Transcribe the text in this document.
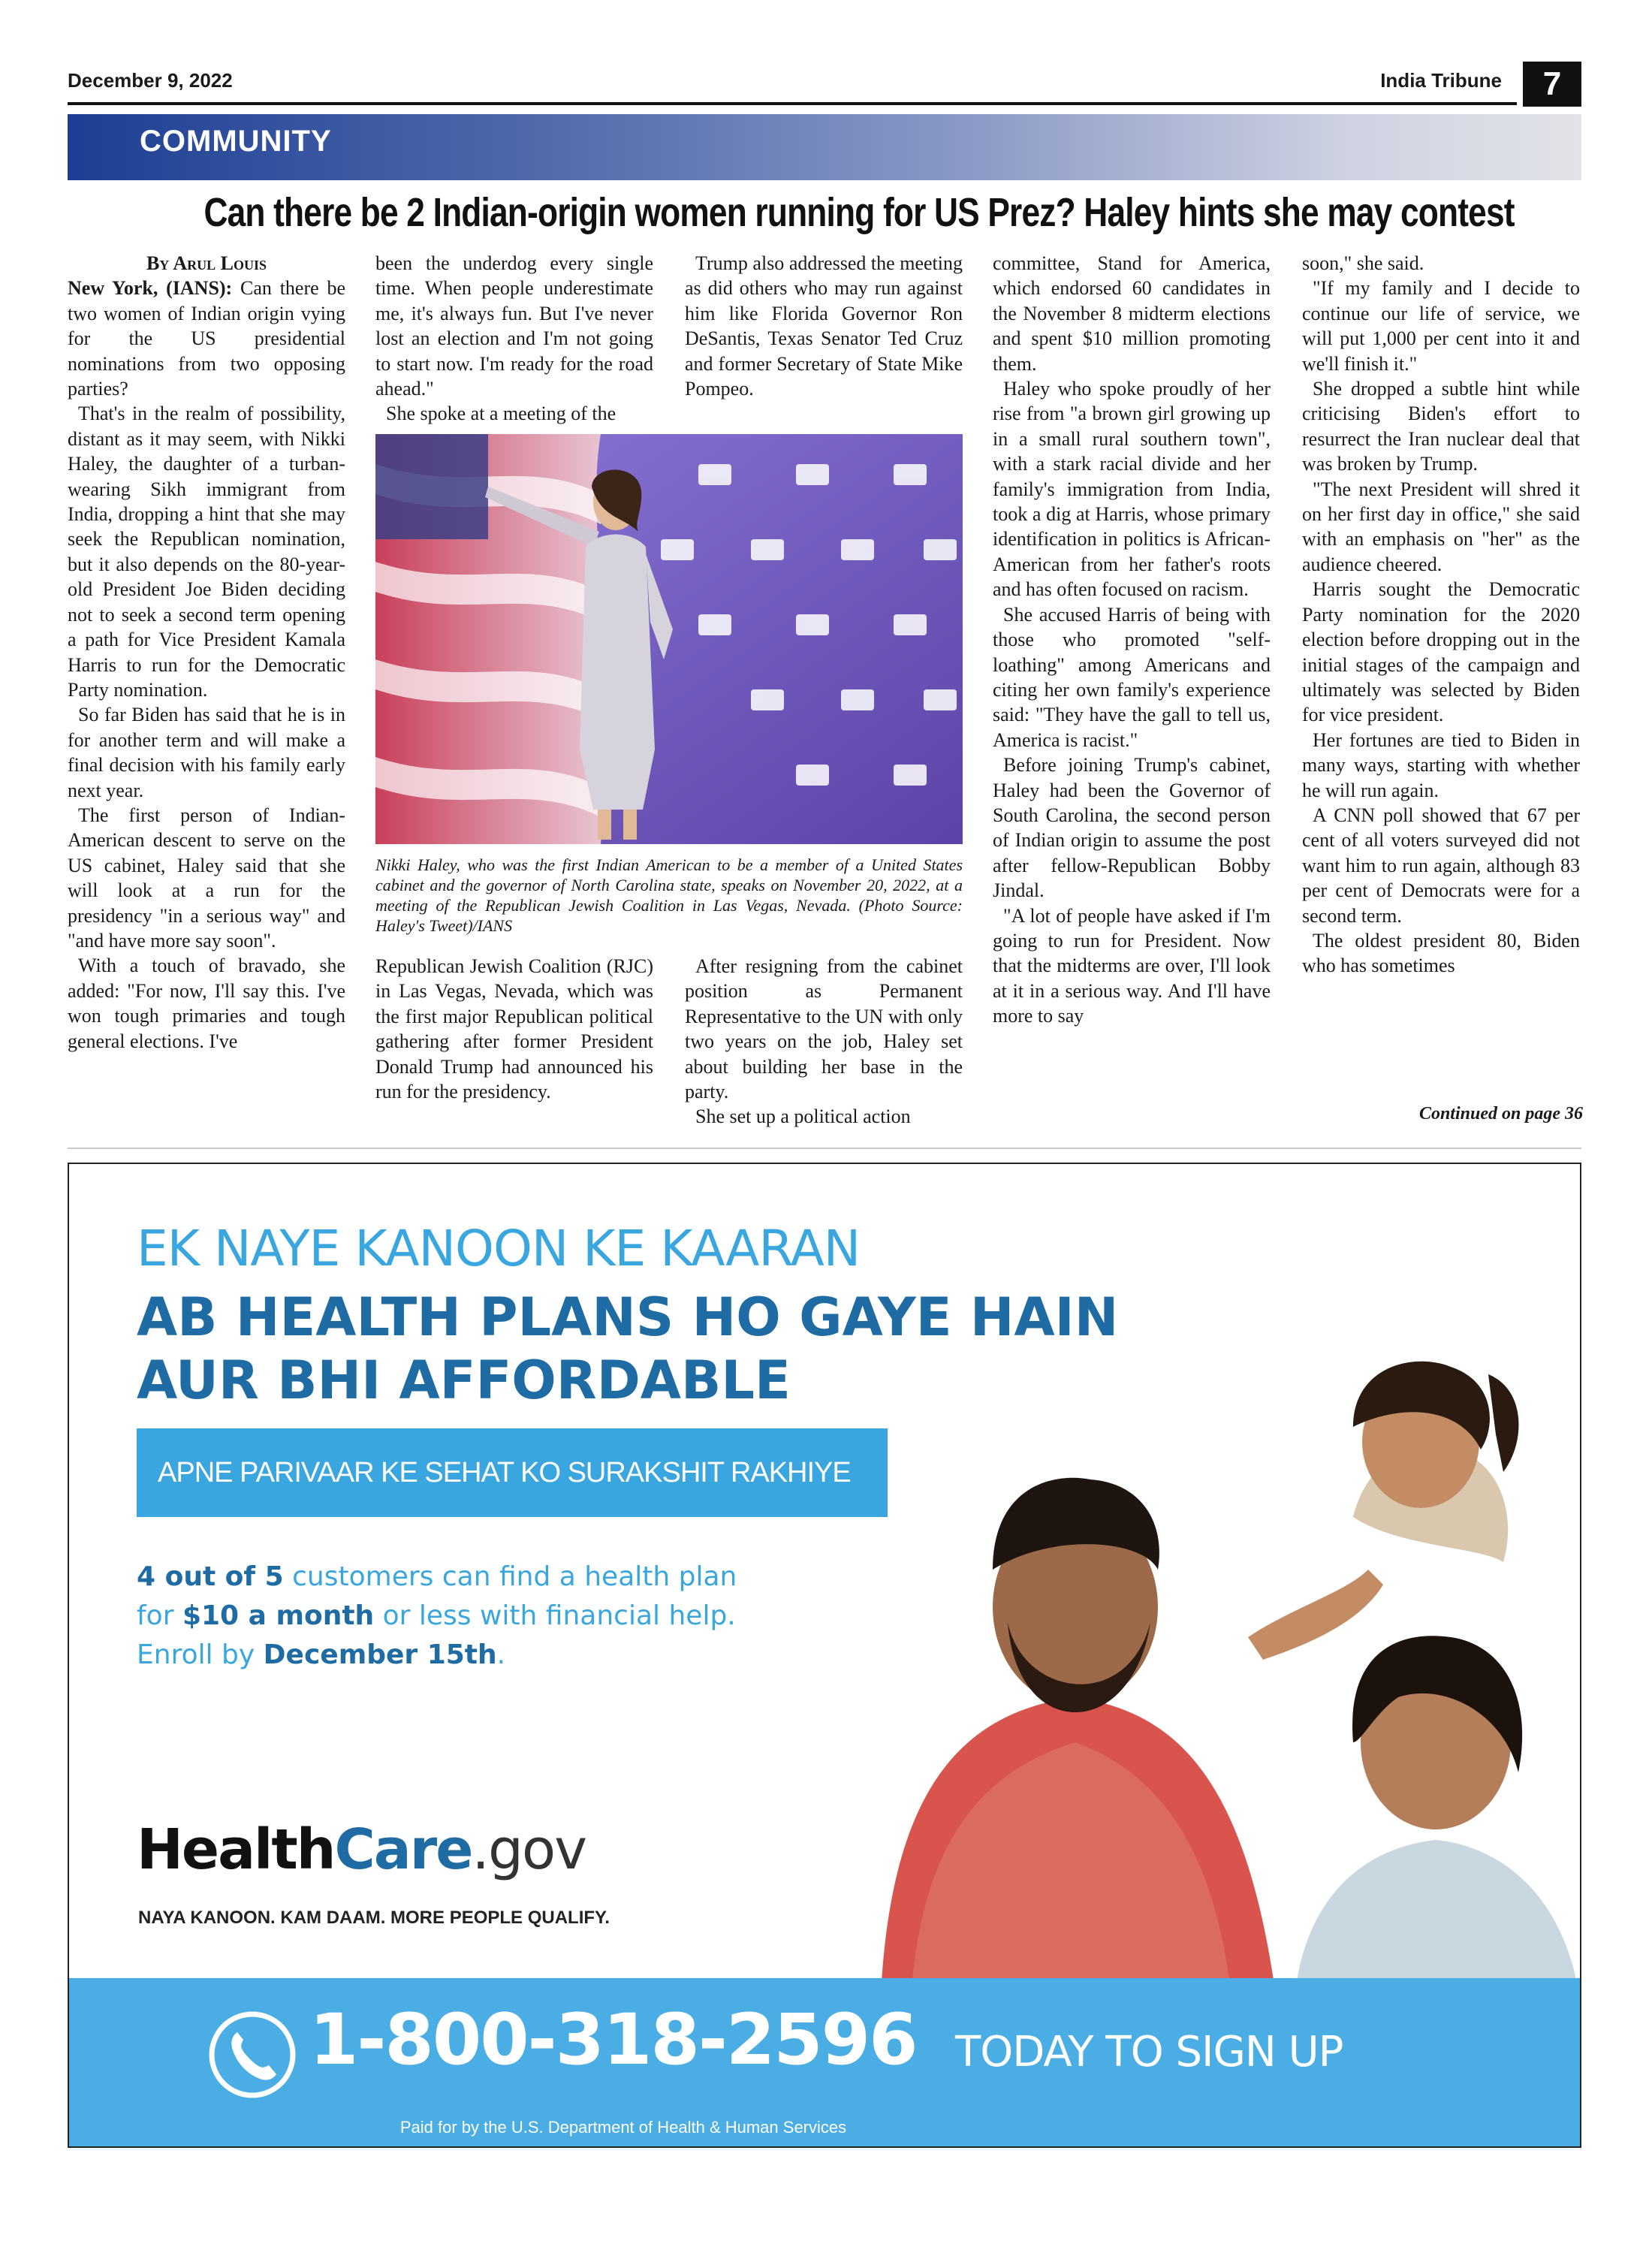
December 9, 2022	India Tribune	7
COMMUNITY
Can there be 2 Indian-origin women running for US Prez? Haley hints she may contest
By Arul Louis

New York, (IANS): Can there be two women of Indian origin vying for the US presidential nominations from two opposing parties?

That's in the realm of possibility, distant as it may seem, with Nikki Haley, the daughter of a turban-wearing Sikh immigrant from India, dropping a hint that she may seek the Republican nomination, but it also depends on the 80-year-old President Joe Biden deciding not to seek a second term opening a path for Vice President Kamala Harris to run for the Democratic Party nomination.

So far Biden has said that he is in for another term and will make a final decision with his family early next year.

The first person of Indian-American descent to serve on the US cabinet, Haley said that she will look at a run for the presidency "in a serious way" and "and have more say soon".

With a touch of bravado, she added: "For now, I'll say this. I've won tough primaries and tough general elections. I've

been the underdog every single time. When people underestimate me, it's always fun. But I've never lost an election and I'm not going to start now. I'm ready for the road ahead."

She spoke at a meeting of the

Trump also addressed the meeting as did others who may run against him like Florida Governor Ron DeSantis, Texas Senator Ted Cruz and former Secretary of State Mike Pompeo.

Nikki Haley, who was the first Indian American to be a member of a United States cabinet and the governor of North Carolina state, speaks on November 20, 2022, at a meeting of the Republican Jewish Coalition in Las Vegas, Nevada. (Photo Source: Haley's Tweet)/IANS

Republican Jewish Coalition (RJC) in Las Vegas, Nevada, which was the first major Republican political gathering after former President Donald Trump had announced his run for the presidency.

After resigning from the cabinet position as Permanent Representative to the UN with only two years on the job, Haley set about building her base in the party.

She set up a political action

committee, Stand for America, which endorsed 60 candidates in the November 8 midterm elections and spent $10 million promoting them.

Haley who spoke proudly of her rise from "a brown girl growing up in a small rural southern town", with a stark racial divide and her family's immigration from India, took a dig at Harris, whose primary identification in politics is African-American from her father's roots and has often focused on racism.

She accused Harris of being with those who promoted "self-loathing" among Americans and citing her own family's experience said: "They have the gall to tell us, America is racist."

Before joining Trump's cabinet, Haley had been the Governor of South Carolina, the second person of Indian origin to assume the post after fellow-Republican Bobby Jindal.

"A lot of people have asked if I'm going to run for President. Now that the midterms are over, I'll look at it in a serious way. And I'll have more to say

soon," she said.

"If my family and I decide to continue our life of service, we will put 1,000 per cent into it and we'll finish it."

She dropped a subtle hint while criticising Biden's effort to resurrect the Iran nuclear deal that was broken by Trump.

"The next President will shred it on her first day in office," she said with an emphasis on "her" as the audience cheered.

Harris sought the Democratic Party nomination for the 2020 election before dropping out in the initial stages of the campaign and ultimately was selected by Biden for vice president.

Her fortunes are tied to Biden in many ways, starting with whether he will run again.

A CNN poll showed that 67 per cent of all voters surveyed did not want him to run again, although 83 per cent of Democrats were for a second term.

The oldest president 80, Biden who has sometimes

Continued on page 36
EK NAYE KANOON KE KAARAN
AB HEALTH PLANS HO GAYE HAIN
AUR BHI AFFORDABLE
APNE PARIVAAR KE SEHAT KO SURAKSHIT RAKHIYE
4 out of 5 customers can find a health plan
for $10 a month or less with financial help.
Enroll by December 15th.
HealthCare.gov
NAYA KANOON. KAM DAAM. MORE PEOPLE QUALIFY.
1-800-318-2596 TODAY TO SIGN UP
Paid for by the U.S. Department of Health & Human Services
